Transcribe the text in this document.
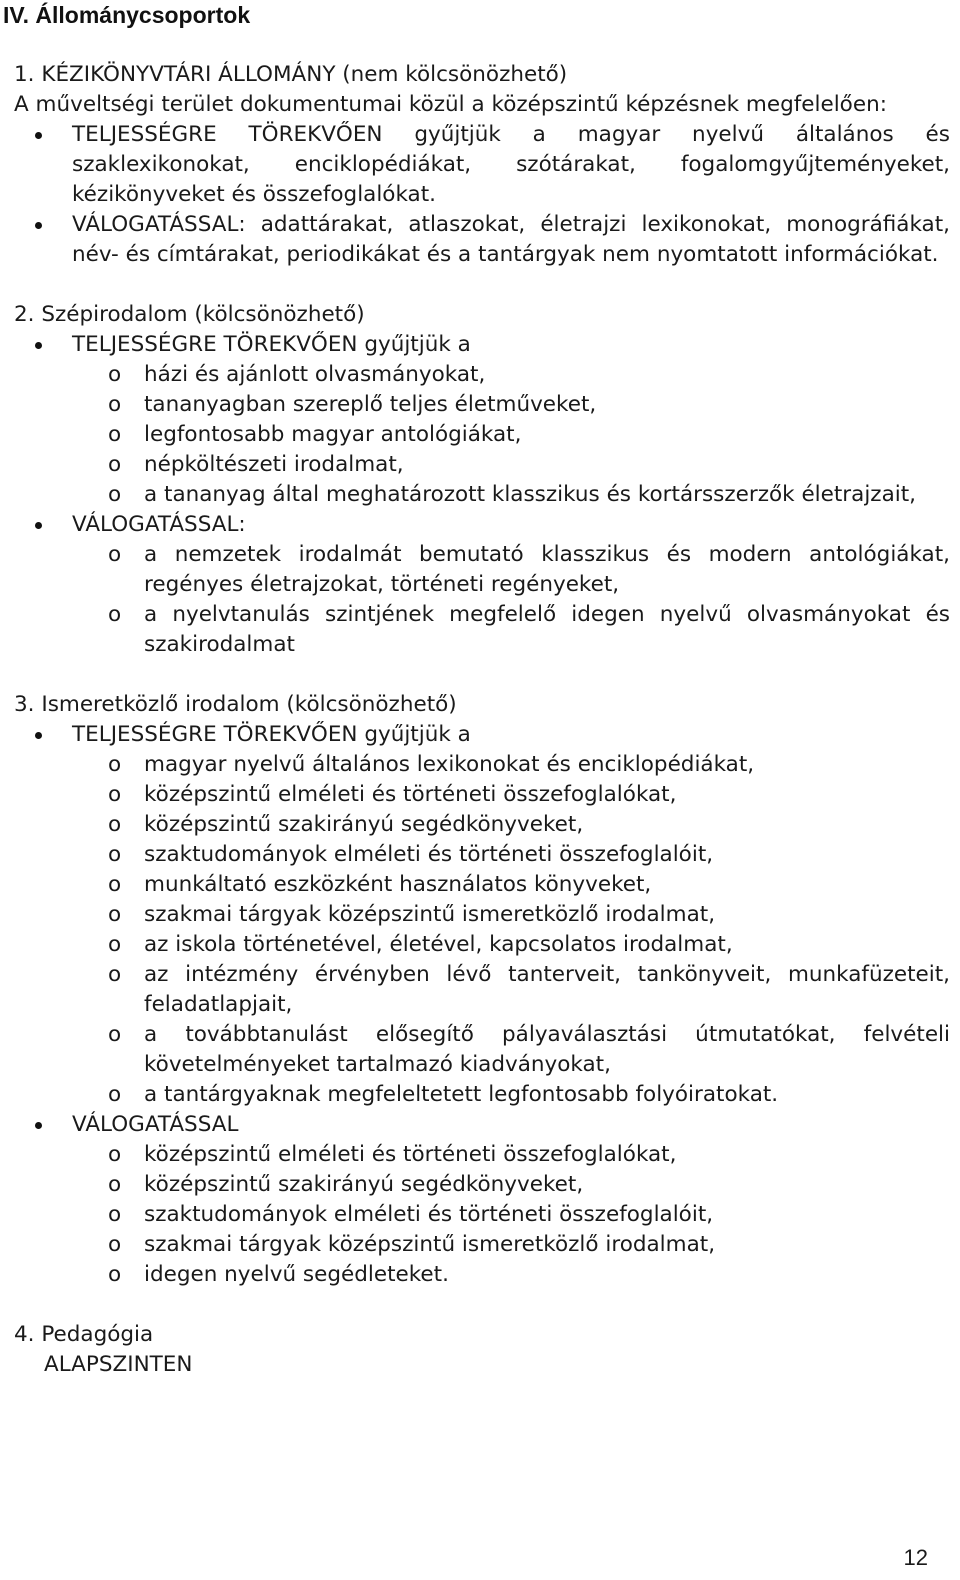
IV. Állománycsoportok

1. KÉZIKÖNYVTÁRI ÁLLOMÁNY (nem kölcsönözhető)

A műveltségi terület dokumentumai közül a középszintű képzésnek megfelelően:

TELJESSÉGRE TÖREKVŐEN gyűjtjük a magyar nyelvű általános és szaklexikonokat, enciklopédiákat, szótárakat, fogalomgyűjteményeket, kézikönyveket és összefoglalókat.
VÁLOGATÁSSAL: adattárakat, atlaszokat, életrajzi lexikonokat, monográfiákat, név- és címtárakat, periodikákat és a tantárgyak nem nyomtatott információkat.

2. Szépirodalom (kölcsönözhető)

TELJESSÉGRE TÖREKVŐEN gyűjtjük a
o	házi és ajánlott olvasmányokat,
o	tananyagban szereplő teljes életműveket,
o	legfontosabb magyar antológiákat,
o	népköltészeti irodalmat,
o	a tananyag által meghatározott klasszikus és kortársszerzők életrajzait,
VÁLOGATÁSSAL:
o	a nemzetek irodalmát bemutató klasszikus és modern antológiákat, regényes életrajzokat, történeti regényeket,
o	a nyelvtanulás szintjének megfelelő idegen nyelvű olvasmányokat és szakirodalmat

3. Ismeretközlő irodalom (kölcsönözhető)

TELJESSÉGRE TÖREKVŐEN gyűjtjük a
o	magyar nyelvű általános lexikonokat és enciklopédiákat,
o	középszintű elméleti és történeti összefoglalókat,
o	középszintű szakirányú segédkönyveket,
o	szaktudományok elméleti és történeti összefoglalóit,
o	munkáltató eszközként használatos könyveket,
o	szakmai tárgyak középszintű ismeretközlő irodalmat,
o	az iskola történetével, életével, kapcsolatos irodalmat,
o	az intézmény érvényben lévő tanterveit, tankönyveit, munkafüzeteit, feladatlapjait,
o	a továbbtanulást elősegítő pályaválasztási útmutatókat, felvételi követelményeket tartalmazó kiadványokat,
o	a tantárgyaknak megfeleltetett legfontosabb folyóiratokat.
VÁLOGATÁSSAL
o	középszintű elméleti és történeti összefoglalókat,
o	középszintű szakirányú segédkönyveket,
o	szaktudományok elméleti és történeti összefoglalóit,
o	szakmai tárgyak középszintű ismeretközlő irodalmat,
o	idegen nyelvű segédleteket.

4. Pedagógia

ALAPSZINTEN

12
